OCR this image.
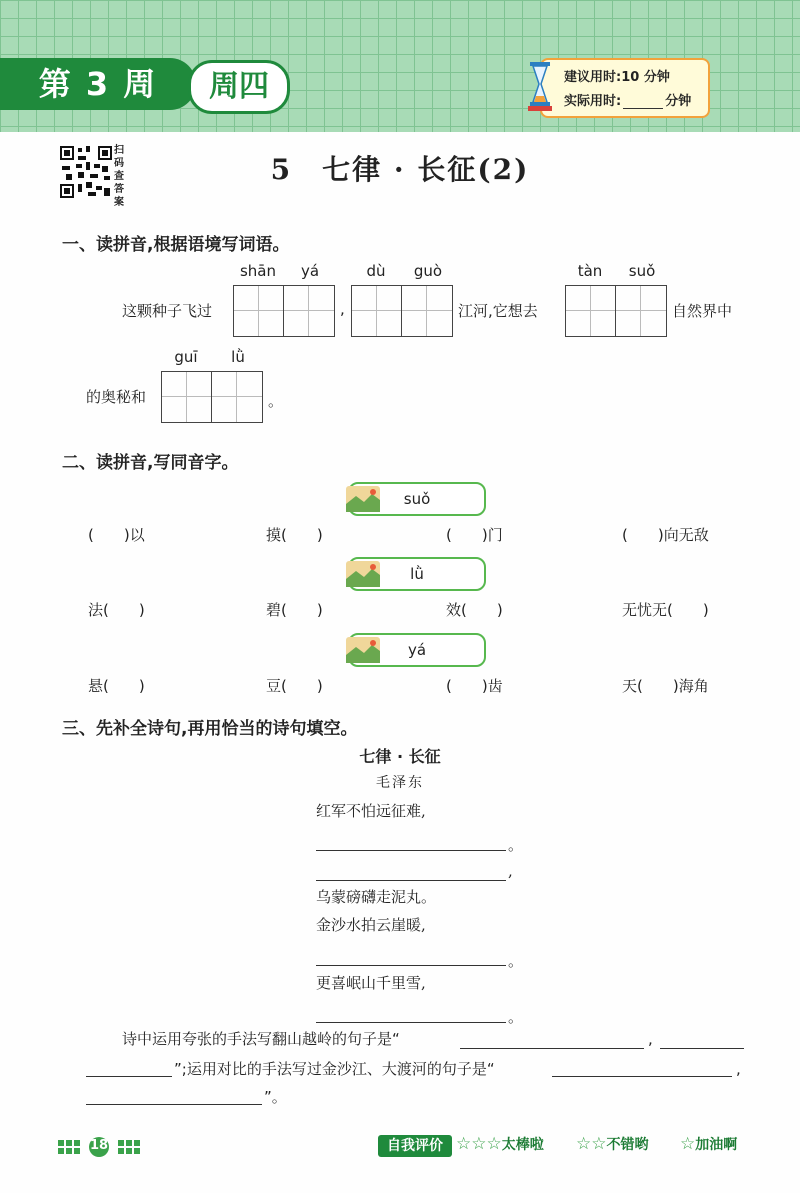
第 3 周	周四	建议用时:10 分钟
实际用时:	分钟
扫码查答案
5　七律 · 长征(2)
一、读拼音,根据语境写词语。
shān	yá	dù	guò	tàn	suǒ
这颗种子飞过	,	江河,它想去	自然界中
guī	lǜ
的奥秘和	。
二、读拼音,写同音字。
suǒ
(　　)以	摸(　　)	(　　)门	(　　)向无敌
lǜ
法(　　)	碧(　　)	效(　　)	无忧无(　　)
yá
悬(　　)	豆(　　)	(　　)齿	天(　　)海角
三、先补全诗句,再用恰当的诗句填空。
七律 · 长征
毛泽东
红军不怕远征难,
。
,
乌蒙磅礴走泥丸。
金沙水拍云崖暖,
。
更喜岷山千里雪,
。
诗中运用夸张的手法写翻山越岭的句子是“	,
”;运用对比的手法写过金沙江、大渡河的句子是“	,
”。
18	自我评价 ☆☆☆太棒啦 ☆☆不错哟 ☆加油啊
